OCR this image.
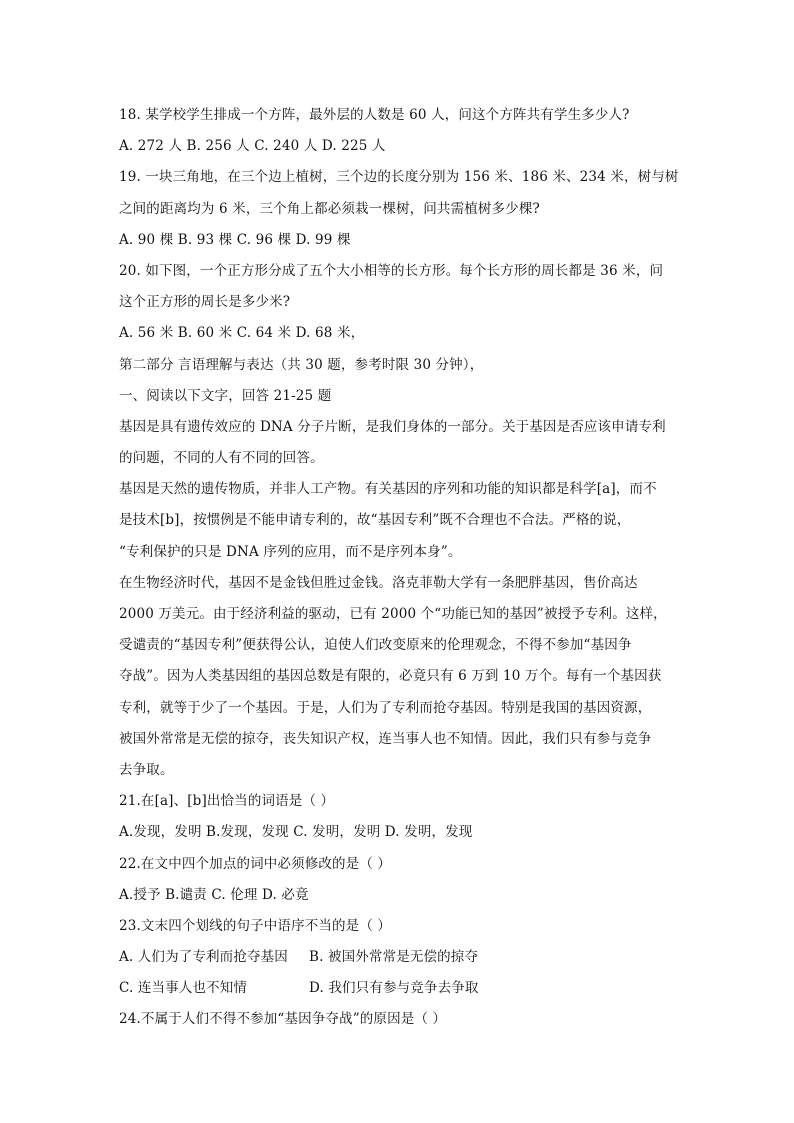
18. 某学校学生排成一个方阵，最外层的人数是 60 人，问这个方阵共有学生多少人?
A. 272 人 B. 256 人 C. 240 人 D. 225 人
19. 一块三角地，在三个边上植树，三个边的长度分别为 156 米、186 米、234 米，树与树
之间的距离均为 6 米，三个角上都必须栽一棵树，问共需植树多少棵?
A. 90 棵 B. 93 棵 C. 96 棵 D. 99 棵
20. 如下图，一个正方形分成了五个大小相等的长方形。每个长方形的周长都是 36 米，问
这个正方形的周长是多少米?
A. 56 米 B. 60 米 C. 64 米 D. 68 米，
第二部分 言语理解与表达（共 30 题，参考时限 30 分钟），
一、阅读以下文字，回答 21-25 题
基因是具有遗传效应的 DNA 分子片断，是我们身体的一部分。关于基因是否应该申请专利
的问题，不同的人有不同的回答。
基因是天然的遗传物质，并非人工产物。有关基因的序列和功能的知识都是科学[a]，而不
是技术[b]，按惯例是不能申请专利的，故“基因专利”既不合理也不合法。严格的说，
“专利保护的只是 DNA 序列的应用，而不是序列本身”。
在生物经济时代，基因不是金钱但胜过金钱。洛克菲勒大学有一条肥胖基因，售价高达
2000 万美元。由于经济利益的驱动，已有 2000 个“功能已知的基因”被授予专利。这样，
受谴责的“基因专利”便获得公认，迫使人们改变原来的伦理观念，不得不参加“基因争
夺战”。因为人类基因组的基因总数是有限的，必竟只有 6 万到 10 万个。每有一个基因获
专利，就等于少了一个基因。于是，人们为了专利而抢夺基因。特别是我国的基因资源，
被国外常常是无偿的掠夺，丧失知识产权，连当事人也不知情。因此，我们只有参与竞争
去争取。
21.在[a]、[b]出恰当的词语是（ ）
A.发现，发明 B.发现，发现 C. 发明，发明 D. 发明，发现
22.在文中四个加点的词中必须修改的是（ ）
A.授予 B.谴责 C. 伦理 D. 必竟
23.文末四个划线的句子中语序不当的是（ ）
A. 人们为了专利而抢夺基因 B. 被国外常常是无偿的掠夺
C. 连当事人也不知情	D. 我们只有参与竞争去争取
24.不属于人们不得不参加“基因争夺战”的原因是（ ）
